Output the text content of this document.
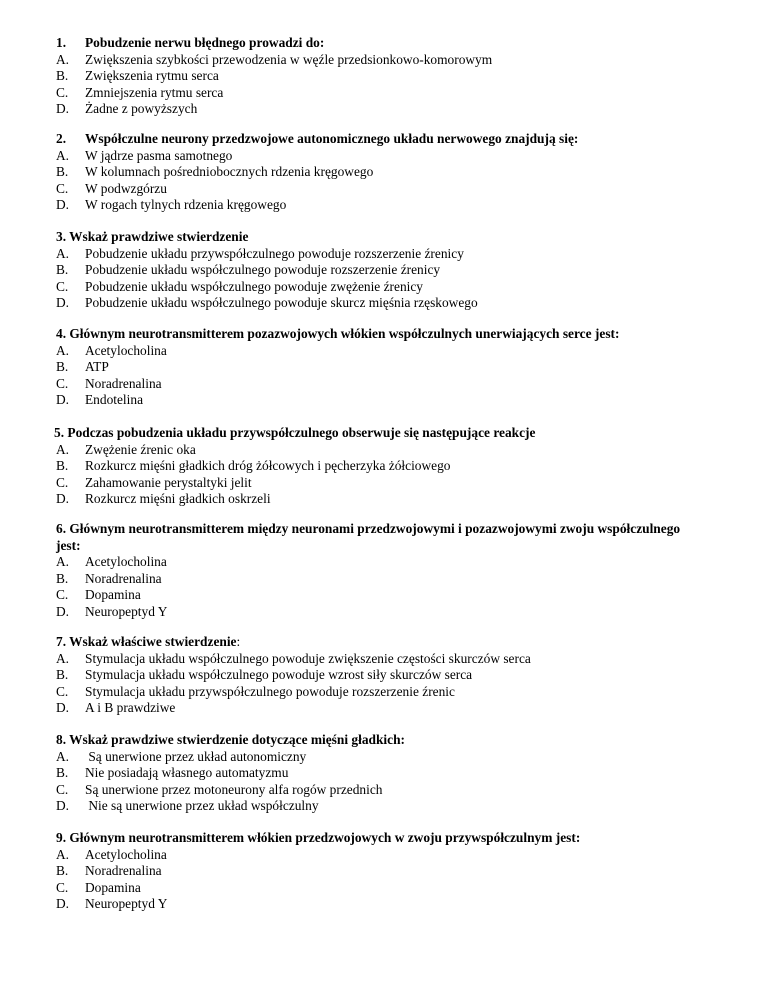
1.	Pobudzenie nerwu błędnego prowadzi do:
A.	Zwiększenia szybkości przewodzenia w węźle przedsionkowo-komorowym
B.	Zwiększenia rytmu serca
C.	Zmniejszenia rytmu serca
D.	Żadne z powyższych
2.	Współczulne neurony przedzwojowe autonomicznego układu nerwowego znajdują się:
A.	W jądrze pasma samotnego
B.	W kolumnach pośredniobocznych rdzenia kręgowego
C.	W podwzgórzu
D.	W rogach tylnych rdzenia kręgowego
3. Wskaż prawdziwe stwierdzenie
A.	Pobudzenie układu przywspółczulnego powoduje rozszerzenie źrenicy
B.	Pobudzenie układu współczulnego powoduje rozszerzenie źrenicy
C.	Pobudzenie układu współczulnego powoduje zwężenie źrenicy
D.	Pobudzenie układu współczulnego powoduje skurcz mięśnia rzęskowego
4. Głównym neurotransmitterem pozazwojowych włókien współczulnych unerwiających serce jest:
A.	Acetylocholina
B.	ATP
C.	Noradrenalina
D.	Endotelina
5. Podczas pobudzenia układu przywspółczulnego obserwuje się następujące reakcje
A.	Zwężenie źrenic oka
B.	Rozkurcz mięśni gładkich dróg żółcowych i pęcherzyka żółciowego
C.	Zahamowanie perystaltyki jelit
D.	Rozkurcz mięśni gładkich oskrzeli
6. Głównym neurotransmitterem między neuronami przedzwojowymi i pozazwojowymi zwoju współczulnego jest:
A.	Acetylocholina
B.	Noradrenalina
C.	Dopamina
D.	Neuropeptyd Y
7. Wskaż właściwe stwierdzenie:
A.	Stymulacja układu współczulnego powoduje zwiększenie częstości skurczów serca
B.	Stymulacja układu współczulnego powoduje wzrost siły skurczów serca
C.	Stymulacja układu przywspółczulnego powoduje rozszerzenie źrenic
D.	A i B prawdziwe
8. Wskaż prawdziwe stwierdzenie dotyczące mięśni gładkich:
A.	Są unerwione przez układ autonomiczny
B.	Nie posiadają własnego automatyzmu
C.	Są unerwione przez motoneurony alfa rogów przednich
D.	Nie są unerwione przez układ współczulny
9. Głównym neurotransmitterem włókien przedzwojowych w zwoju przywspółczulnym jest:
A.	Acetylocholina
B.	Noradrenalina
C.	Dopamina
D.	Neuropeptyd Y
